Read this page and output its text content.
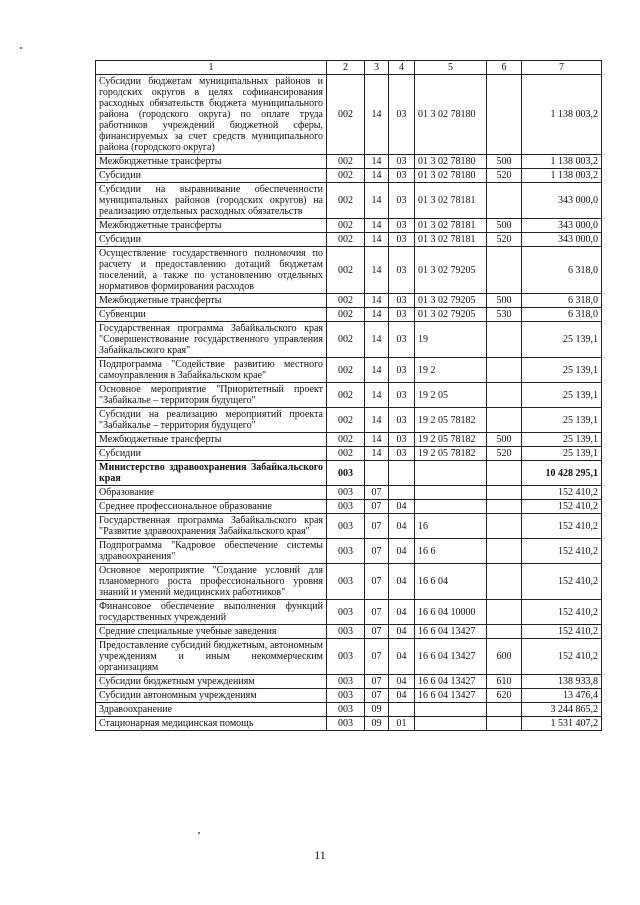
1	2	3	4	5	6	7
Субсидии бюджетам муниципальных районов и городских округов в целях софинансирования расходных обязательств бюджета муниципального района (городского округа) по оплате труда работников учреждений бюджетной сферы, финансируемых за счет средств муниципального района (городского округа)	002	14	03	01 3 02 78180		1 138 003,2
Межбюджетные трансферты	002	14	03	01 3 02 78180	500	1 138 003,2
Субсидии	002	14	03	01 3 02 78180	520	1 138 003,2
Субсидии на выравнивание обеспеченности муниципальных районов (городских округов) на реализацию отдельных расходных обязательств	002	14	03	01 3 02 78181		343 000,0
Межбюджетные трансферты	002	14	03	01 3 02 78181	500	343 000,0
Субсидии	002	14	03	01 3 02 78181	520	343 000,0
Осуществление государственного полномочия по расчету и предоставлению дотаций бюджетам поселений, а также по установлению отдельных нормативов формирования расходов	002	14	03	01 3 02 79205		6 318,0
Межбюджетные трансферты	002	14	03	01 3 02 79205	500	6 318,0
Субвенции	002	14	03	01 3 02 79205	530	6 318,0
Государственная программа Забайкальского края "Совершенствование государственного управления Забайкальского края"	002	14	03	19		25 139,1
Подпрограмма "Содействие развитию местного самоуправления в Забайкальском крае"	002	14	03	19 2		25 139,1
Основное мероприятие "Приоритетный проект "Забайкалье – территория будущего"	002	14	03	19 2 05		25 139,1
Субсидии на реализацию мероприятий проекта "Забайкалье – территория будущего"	002	14	03	19 2 05 78182		25 139,1
Межбюджетные трансферты	002	14	03	19 2 05 78182	500	25 139,1
Субсидии	002	14	03	19 2 05 78182	520	25 139,1
Министерство здравоохранения Забайкальского края	003					10 428 295,1
Образование	003	07				152 410,2
Среднее профессиональное образование	003	07	04			152 410,2
Государственная программа Забайкальского края "Развитие здравоохранения Забайкальского края"	003	07	04	16		152 410,2
Подпрограмма "Кадровое обеспечение системы здравоохранения"	003	07	04	16 6		152 410,2
Основное мероприятие "Создание условий для планомерного роста профессионального уровня знаний и умений медицинских работников"	003	07	04	16 6 04		152 410,2
Финансовое обеспечение выполнения функций государственных учреждений	003	07	04	16 6 04 10000		152 410,2
Средние специальные учебные заведения	003	07	04	16 6 04 13427		152 410,2
Предоставление субсидий бюджетным, автономным учреждениям и иным некоммерческим организациям	003	07	04	16 6 04 13427	600	152 410,2
Субсидии бюджетным учреждениям	003	07	04	16 6 04 13427	610	138 933,8
Субсидии автономным учреждениям	003	07	04	16 6 04 13427	620	13 476,4
Здравоохранение	003	09				3 244 865,2
Стационарная медицинская помощь	003	09	01			1 531 407,2
11
